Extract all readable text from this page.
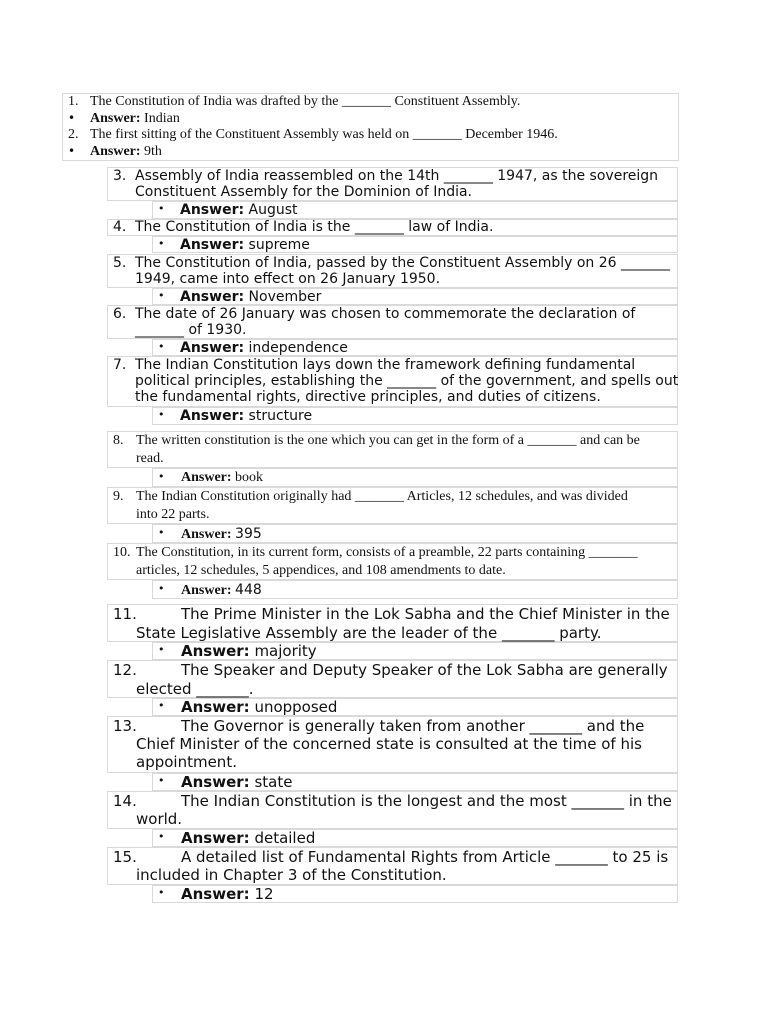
1. The Constitution of India was drafted by the _______ Constituent Assembly.
• Answer: Indian
2. The first sitting of the Constituent Assembly was held on _______ December 1946.
• Answer: 9th
3. Assembly of India reassembled on the 14th _______ 1947, as the sovereign
Constituent Assembly for the Dominion of India.
• Answer: August
4. The Constitution of India is the _______ law of India.
• Answer: supreme
5. The Constitution of India, passed by the Constituent Assembly on 26 _______
1949, came into effect on 26 January 1950.
• Answer: November
6. The date of 26 January was chosen to commemorate the declaration of
_______ of 1930.
• Answer: independence
7. The Indian Constitution lays down the framework defining fundamental
political principles, establishing the _______ of the government, and spells out
the fundamental rights, directive principles, and duties of citizens.
• Answer: structure
8. The written constitution is the one which you can get in the form of a _______ and can be
read.
• Answer: book
9. The Indian Constitution originally had _______ Articles, 12 schedules, and was divided
into 22 parts.
• Answer: 395
10. The Constitution, in its current form, consists of a preamble, 22 parts containing _______
articles, 12 schedules, 5 appendices, and 108 amendments to date.
• Answer: 448
11.	The Prime Minister in the Lok Sabha and the Chief Minister in the
State Legislative Assembly are the leader of the _______ party.
• Answer: majority
12.	The Speaker and Deputy Speaker of the Lok Sabha are generally
elected _______.
• Answer: unopposed
13.	The Governor is generally taken from another _______ and the
Chief Minister of the concerned state is consulted at the time of his
appointment.
• Answer: state
14.	The Indian Constitution is the longest and the most _______ in the
world.
• Answer: detailed
15.	A detailed list of Fundamental Rights from Article _______ to 25 is
included in Chapter 3 of the Constitution.
• Answer: 12
